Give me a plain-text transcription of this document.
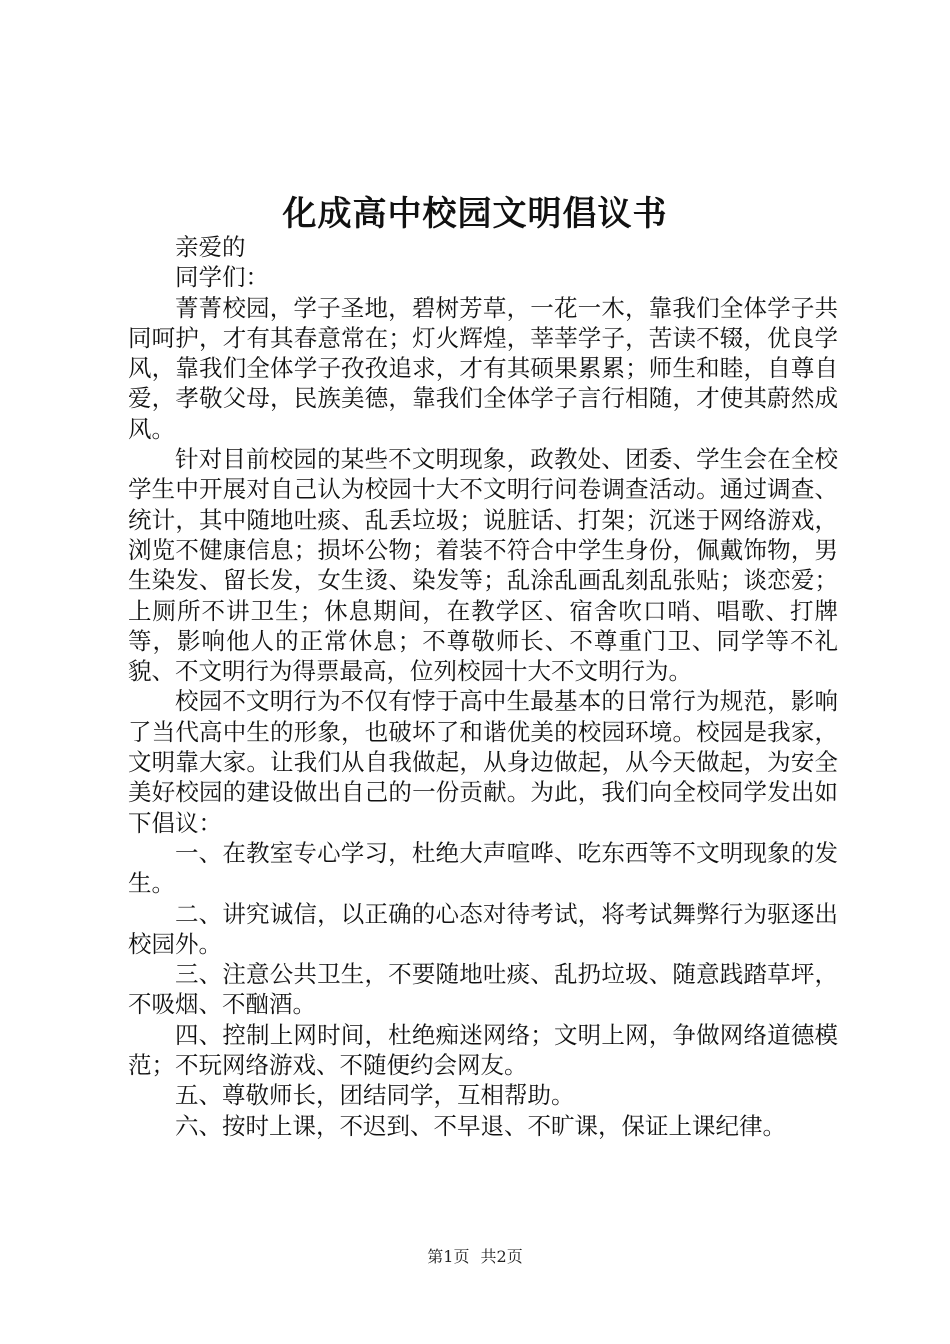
化成高中校园文明倡议书

亲爱的

同学们：

菁菁校园，学子圣地，碧树芳草，一花一木，靠我们全体学子共同呵护，才有其春意常在；灯火辉煌，莘莘学子，苦读不辍，优良学风，靠我们全体学子孜孜追求，才有其硕果累累；师生和睦，自尊自爱，孝敬父母，民族美德，靠我们全体学子言行相随，才使其蔚然成风。

针对目前校园的某些不文明现象，政教处、团委、学生会在全校学生中开展对自己认为校园十大不文明行问卷调查活动。通过调查、统计，其中随地吐痰、乱丢垃圾；说脏话、打架；沉迷于网络游戏，浏览不健康信息；损坏公物；着装不符合中学生身份，佩戴饰物，男生染发、留长发，女生烫、染发等；乱涂乱画乱刻乱张贴；谈恋爱；上厕所不讲卫生；休息期间，在教学区、宿舍吹口哨、唱歌、打牌等，影响他人的正常休息；不尊敬师长、不尊重门卫、同学等不礼貌、不文明行为得票最高，位列校园十大不文明行为。

校园不文明行为不仅有悖于高中生最基本的日常行为规范，影响了当代高中生的形象，也破坏了和谐优美的校园环境。校园是我家，文明靠大家。让我们从自我做起，从身边做起，从今天做起，为安全美好校园的建设做出自己的一份贡献。为此，我们向全校同学发出如下倡议：

一、在教室专心学习，杜绝大声喧哗、吃东西等不文明现象的发生。

二、讲究诚信，以正确的心态对待考试，将考试舞弊行为驱逐出校园外。

三、注意公共卫生，不要随地吐痰、乱扔垃圾、随意践踏草坪，不吸烟、不酗酒。

四、控制上网时间，杜绝痴迷网络；文明上网，争做网络道德模范；不玩网络游戏、不随便约会网友。

五、尊敬师长，团结同学，互相帮助。

六、按时上课，不迟到、不早退、不旷课，保证上课纪律。

第1页 共2页
